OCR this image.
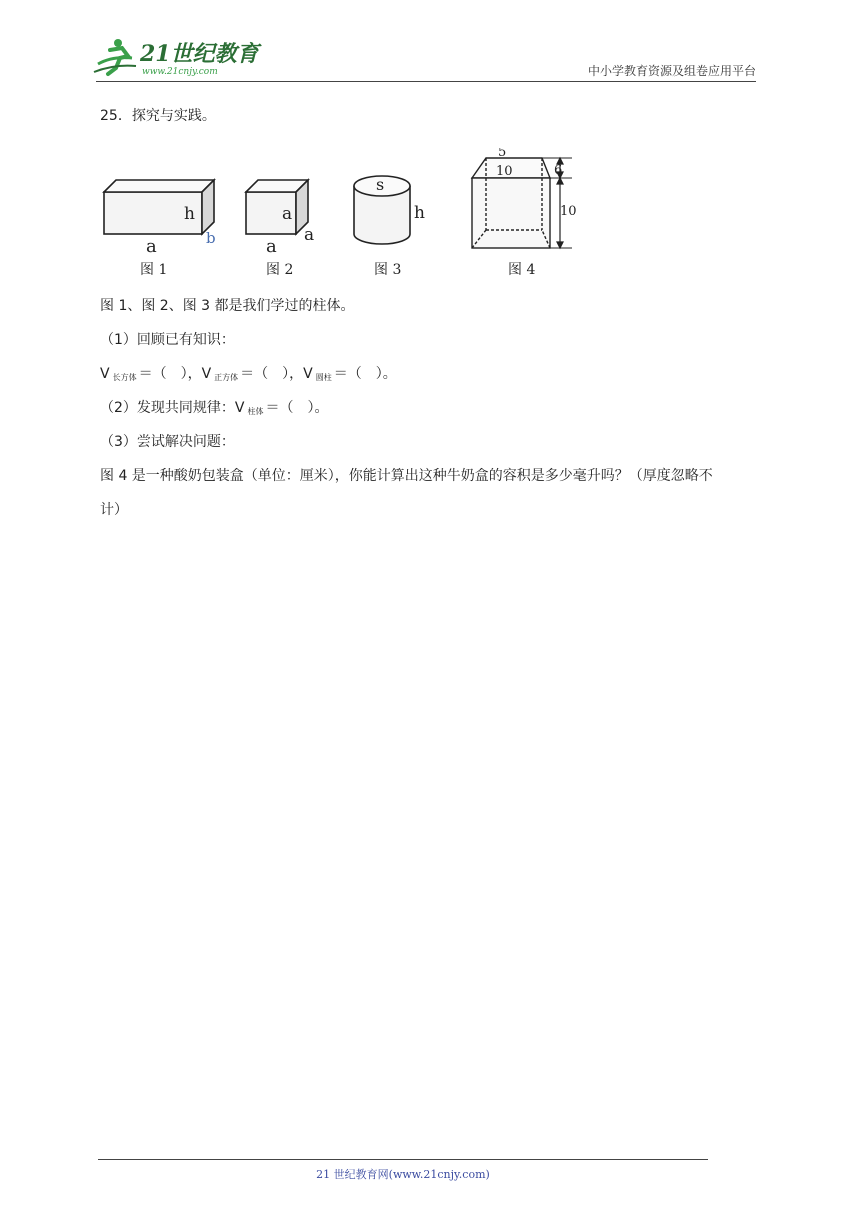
21世纪教育
www.21cnjy.com	中小学教育资源及组卷应用平台
25．探究与实践。
h
a	b
图 1
a
a
a
图 2
s
h
图 3
5
10	6
10
图 4
图 1、图 2、图 3 都是我们学过的柱体。
（1）回顾已有知识：
V $_{长方体}$ ＝（　），V $_{正方体}$ ＝（　），V $_{圆柱}$ ＝（　）。
（2）发现共同规律：V $_{柱体}$ ＝（　）。
（3）尝试解决问题：
图 4 是一种酸奶包装盒（单位：厘米），你能计算出这种牛奶盒的容积是多少毫升吗？（厚度忽略不
计）
21 世纪教育网(www.21cnjy.com)
